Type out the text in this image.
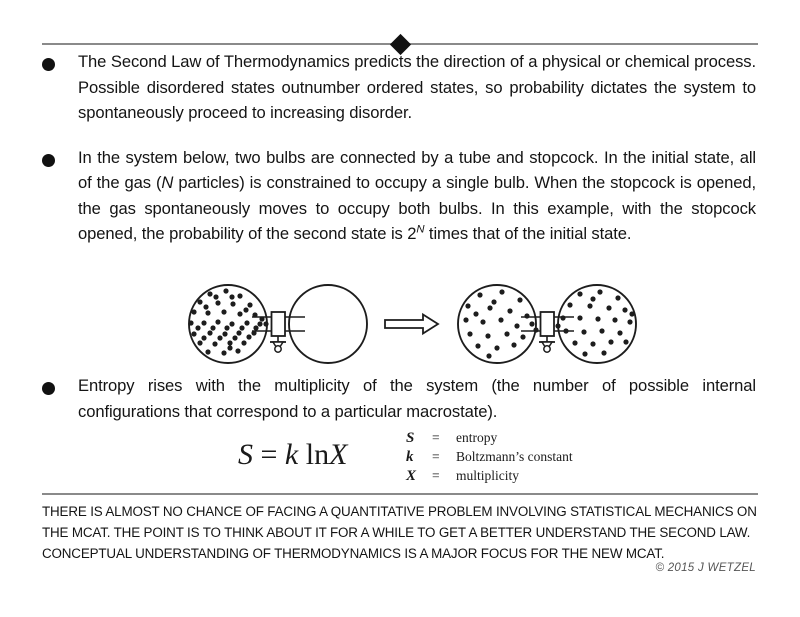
The Second Law of Thermodynamics predicts the direction of a physical or chemical process. Possible disordered states outnumber ordered states, so probability dictates the system to spontaneously proceed to increasing disorder.
In the system below, two bulbs are connected by a tube and stopcock. In the initial state, all of the gas (N particles) is constrained to occupy a single bulb. When the stopcock is opened, the gas spontaneously moves to occupy both bulbs. In this example, with the stopcock opened, the probability of the second state is $2^N$ times that of the initial state.
Entropy rises with the multiplicity of the system (the number of possible internal configurations that correspond to a particular macrostate).
S = k lnX	S	=	entropy
k	=	Boltzmann’s constant
X	=	multiplicity
THERE IS ALMOST NO CHANCE OF FACING A QUANTITATIVE PROBLEM INVOLVING STATISTICAL MECHANICS ON
THE MCAT. THE POINT IS TO THINK ABOUT IT FOR A WHILE TO GET A BETTER UNDERSTAND THE SECOND LAW.
CONCEPTUAL UNDERSTANDING OF THERMODYNAMICS IS A MAJOR FOCUS FOR THE NEW MCAT.
© 2015 J WETZEL
